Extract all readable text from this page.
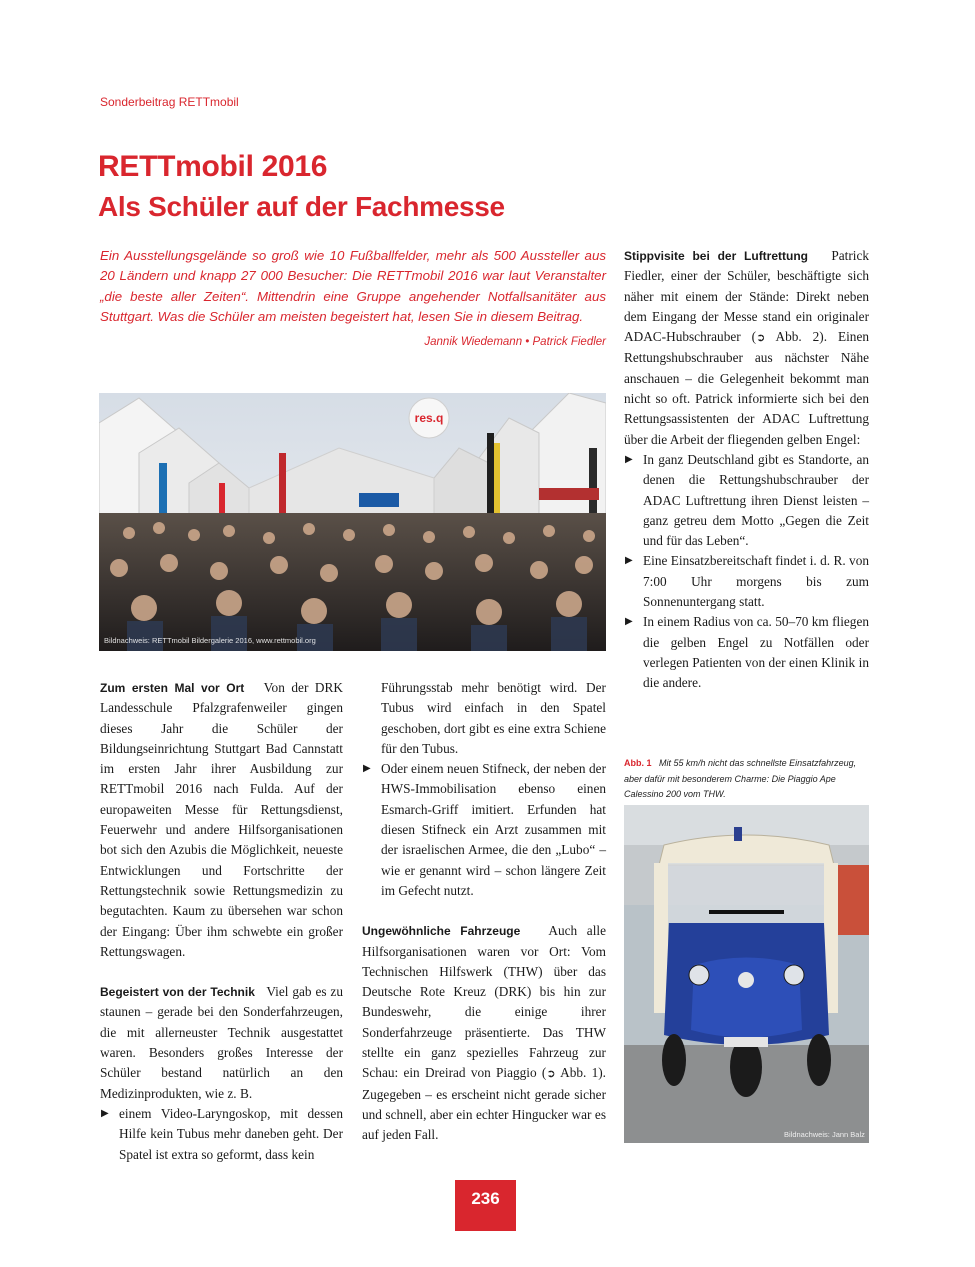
Sonderbeitrag RETTmobil
RETTmobil 2016
Als Schüler auf der Fachmesse

Ein Ausstellungsgelände so groß wie 10 Fußballfelder, mehr als 500 Aussteller aus 20 Ländern und knapp 27 000 Besucher: Die RETTmobil 2016 war laut Veranstalter „die beste aller Zeiten“. Mittendrin eine Gruppe angehender Notfallsanitäter aus Stuttgart. Was die Schüler am meisten begeistert hat, lesen Sie in diesem Beitrag.

Jannik Wiedemann • Patrick Fiedler
res.q
Bildnachweis: RETTmobil Bildergalerie 2016, www.rettmobil.org

Zum ersten Mal vor Ort Von der DRK Landesschule Pfalzgrafenweiler gingen dieses Jahr die Schüler der Bildungseinrichtung Stuttgart Bad Cannstatt im ersten Jahr ihrer Ausbildung zur RETTmobil 2016 nach Fulda. Auf der europaweiten Messe für Rettungsdienst, Feuerwehr und andere Hilfsorganisationen bot sich den Azubis die Möglichkeit, neueste Entwicklungen und Fortschritte der Rettungstechnik sowie Rettungsmedizin zu begutachten. Kaum zu übersehen war schon der Eingang: Über ihm schwebte ein großer Rettungswagen.

Begeistert von der Technik Viel gab es zu staunen – gerade bei den Sonderfahrzeugen, die mit allerneuster Technik ausgestattet waren. Besonders großes Interesse der Schüler bestand natürlich an den Medizinprodukten, wie z. B.

▶ einem Video-Laryngoskop, mit dessen Hilfe kein Tubus mehr daneben geht. Der Spatel ist extra so geformt, dass kein

Führungsstab mehr benötigt wird. Der Tubus wird einfach in den Spatel geschoben, dort gibt es eine extra Schiene für den Tubus.

▶ Oder einem neuen Stifneck, der neben der HWS-Immobilisation ebenso einen Esmarch-Griff imitiert. Erfunden hat diesen Stifneck ein Arzt zusammen mit der israelischen Armee, die den „Lubo“ – wie er genannt wird – schon längere Zeit im Gefecht nutzt.

Ungewöhnliche Fahrzeuge Auch alle Hilfsorganisationen waren vor Ort: Vom Technischen Hilfswerk (THW) über das Deutsche Rote Kreuz (DRK) bis hin zur Bundeswehr, die einige ihrer Sonderfahrzeuge präsentierte. Das THW stellte ein ganz spezielles Fahrzeug zur Schau: ein Dreirad von Piaggio (➲ Abb. 1). Zugegeben – es erscheint nicht gerade sicher und schnell, aber ein echter Hingucker war es auf jeden Fall.

Stippvisite bei der Luftrettung Patrick Fiedler, einer der Schüler, beschäftigte sich näher mit einem der Stände: Direkt neben dem Eingang der Messe stand ein originaler ADAC-Hubschrauber (➲ Abb. 2). Einen Rettungshubschrauber aus nächster Nähe anschauen – die Gelegenheit bekommt man nicht so oft. Patrick informierte sich bei den Rettungsassistenten der ADAC Luftrettung über die Arbeit der fliegenden gelben Engel:

▶ In ganz Deutschland gibt es Standorte, an denen die Rettungshubschrauber der ADAC Luftrettung ihren Dienst leisten – ganz getreu dem Motto „Gegen die Zeit und für das Leben“.

▶ Eine Einsatzbereitschaft findet i. d. R. von 7:00 Uhr morgens bis zum Sonnenuntergang statt.

▶ In einem Radius von ca. 50–70 km fliegen die gelben Engel zu Notfällen oder verlegen Patienten von der einen Klinik in die andere.

Abb. 1 Mit 55 km/h nicht das schnellste Einsatzfahrzeug, aber dafür mit besonderem Charme: Die Piaggio Ape Calessino 200 vom THW.
Bildnachweis: Jann Balz
236
